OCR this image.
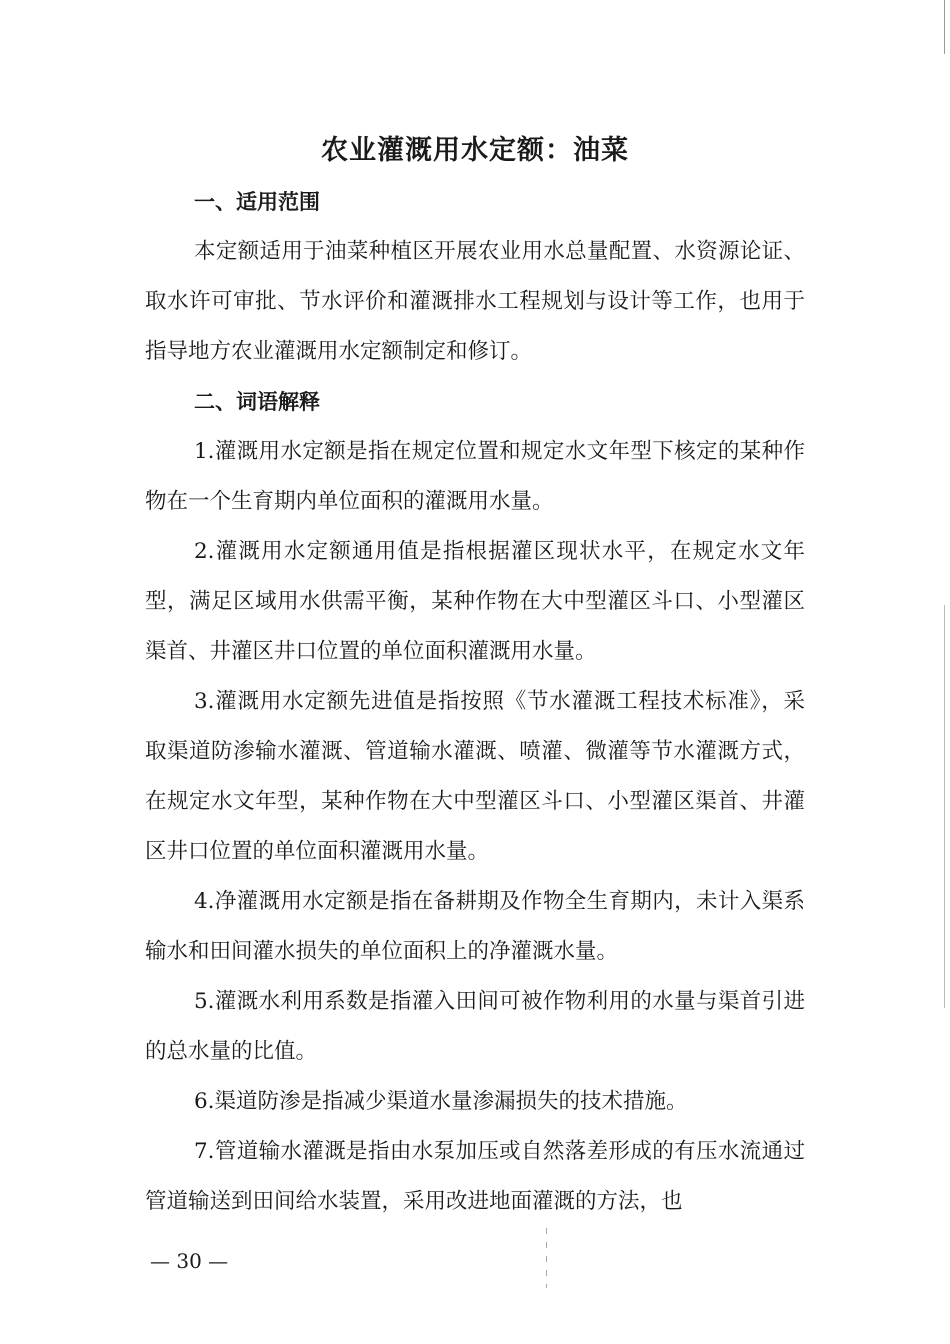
农业灌溉用水定额：油菜
一、适用范围

本定额适用于油菜种植区开展农业用水总量配置、水资源论证、取水许可审批、节水评价和灌溉排水工程规划与设计等工作，也用于指导地方农业灌溉用水定额制定和修订。

二、词语解释

1.灌溉用水定额是指在规定位置和规定水文年型下核定的某种作物在一个生育期内单位面积的灌溉用水量。

2.灌溉用水定额通用值是指根据灌区现状水平，在规定水文年型，满足区域用水供需平衡，某种作物在大中型灌区斗口、小型灌区渠首、井灌区井口位置的单位面积灌溉用水量。

3.灌溉用水定额先进值是指按照《节水灌溉工程技术标准》，采取渠道防渗输水灌溉、管道输水灌溉、喷灌、微灌等节水灌溉方式，在规定水文年型，某种作物在大中型灌区斗口、小型灌区渠首、井灌区井口位置的单位面积灌溉用水量。

4.净灌溉用水定额是指在备耕期及作物全生育期内，未计入渠系输水和田间灌水损失的单位面积上的净灌溉水量。

5.灌溉水利用系数是指灌入田间可被作物利用的水量与渠首引进的总水量的比值。

6.渠道防渗是指减少渠道水量渗漏损失的技术措施。

7.管道输水灌溉是指由水泵加压或自然落差形成的有压水流通过管道输送到田间给水装置，采用改进地面灌溉的方法，也

— 30 —
